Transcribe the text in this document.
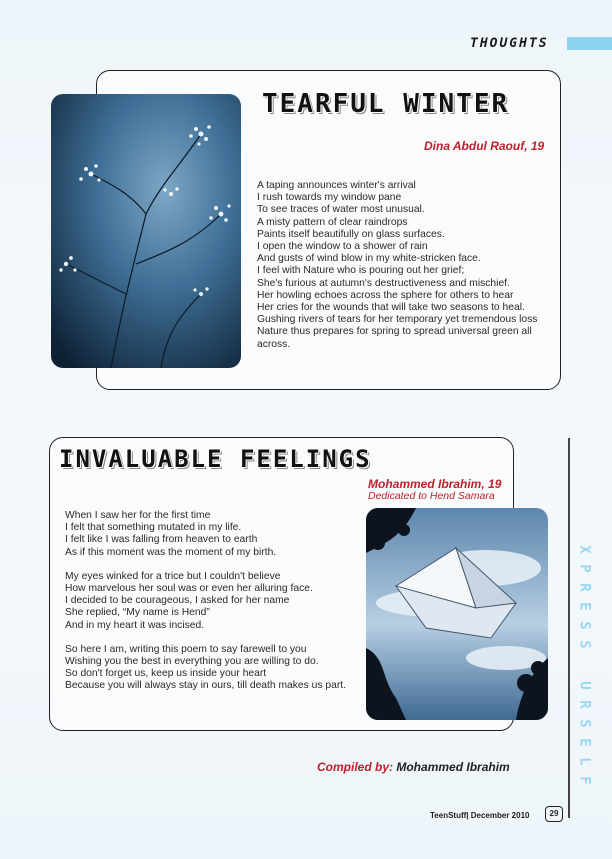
THOUGHTS
TEARFUL WINTER
Dina Abdul Raouf, 19
A taping announces winter's arrival
I rush towards my window pane
To see traces of water most unusual.
A misty pattern of clear raindrops
Paints itself beautifully on glass surfaces.
I open the window to a shower of rain
And gusts of wind blow in my white-stricken face.
I feel with Nature who is pouring out her grief;
She's furious at autumn's destructiveness and mischief.
Her howling echoes across the sphere for others to hear
Her cries for the wounds that will take two seasons to heal.
Gushing rivers of tears for her temporary yet tremendous loss
Nature thus prepares for spring to spread universal green all
across.
INVALUABLE FEELINGS
Mohammed Ibrahim, 19
Dedicated to Hend Samara
When I saw her for the first time
I felt that something mutated in my life.
I felt like I was falling from heaven to earth
As if this moment was the moment of my birth.
My eyes winked for a trice but I couldn't believe
How marvelous her soul was or even her alluring face.
I decided to be courageous, I asked for her name
She replied, “My name is Hend”
And in my heart it was incised.
So here I am, writing this poem to say farewell to you
Wishing you the best in everything you are willing to do.
So don't forget us, keep us inside your heart
Because you will always stay in ours, till death makes us part.
Compiled by: Mohammed Ibrahim
X
P
R
E
S
S
U
R
S
E
L
F
TeenStuff| December 2010	29
